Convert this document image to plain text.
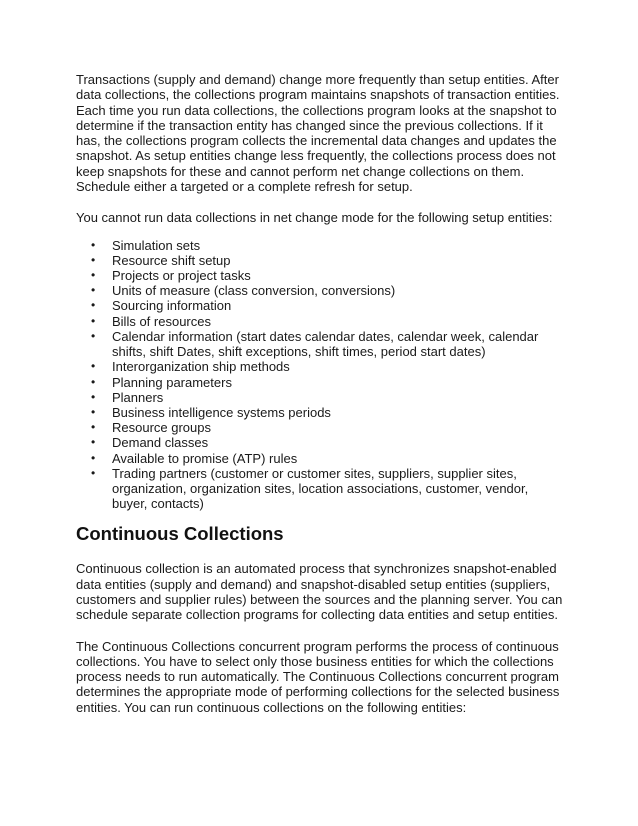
Transactions (supply and demand) change more frequently than setup entities. After data collections, the collections program maintains snapshots of transaction entities. Each time you run data collections, the collections program looks at the snapshot to determine if the transaction entity has changed since the previous collections. If it has, the collections program collects the incremental data changes and updates the snapshot. As setup entities change less frequently, the collections process does not keep snapshots for these and cannot perform net change collections on them. Schedule either a targeted or a complete refresh for setup.

You cannot run data collections in net change mode for the following setup entities:

• Simulation sets
• Resource shift setup
• Projects or project tasks
• Units of measure (class conversion, conversions)
• Sourcing information
• Bills of resources
• Calendar information (start dates calendar dates, calendar week, calendar shifts, shift Dates, shift exceptions, shift times, period start dates)
• Interorganization ship methods
• Planning parameters
• Planners
• Business intelligence systems periods
• Resource groups
• Demand classes
• Available to promise (ATP) rules
• Trading partners (customer or customer sites, suppliers, supplier sites, organization, organization sites, location associations, customer, vendor, buyer, contacts)
Continuous Collections

Continuous collection is an automated process that synchronizes snapshot-enabled data entities (supply and demand) and snapshot-disabled setup entities (suppliers, customers and supplier rules) between the sources and the planning server. You can schedule separate collection programs for collecting data entities and setup entities.

The Continuous Collections concurrent program performs the process of continuous collections. You have to select only those business entities for which the collections process needs to run automatically. The Continuous Collections concurrent program determines the appropriate mode of performing collections for the selected business entities. You can run continuous collections on the following entities:
